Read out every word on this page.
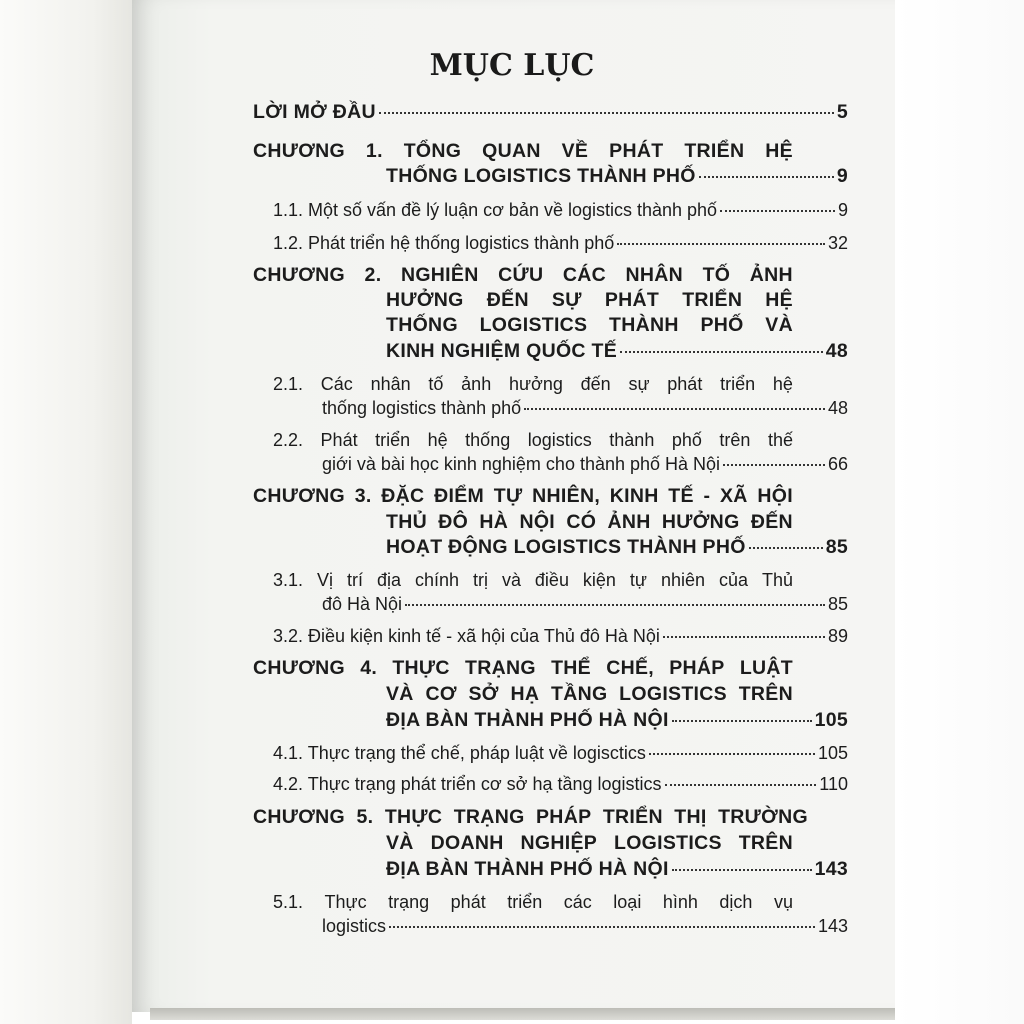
MỤC LỤC
LỜI MỞ ĐẦU	5
CHƯƠNG 1. TỔNG QUAN VỀ PHÁT TRIỂN HỆ
THỐNG LOGISTICS THÀNH PHỐ	9
1.1. Một số vấn đề lý luận cơ bản về logistics thành phố	9
1.2. Phát triển hệ thống logistics thành phố	32
CHƯƠNG 2. NGHIÊN CỨU CÁC NHÂN TỐ ẢNH
HƯỞNG ĐẾN SỰ PHÁT TRIỂN HỆ
THỐNG LOGISTICS THÀNH PHỐ VÀ
KINH NGHIỆM QUỐC TẾ	48
2.1. Các nhân tố ảnh hưởng đến sự phát triển hệ
thống logistics thành phố	48
2.2. Phát triển hệ thống logistics thành phố trên thế
giới và bài học kinh nghiệm cho thành phố Hà Nội	66
CHƯƠNG 3. ĐẶC ĐIỂM TỰ NHIÊN, KINH TẾ - XÃ HỘI
THỦ ĐÔ HÀ NỘI CÓ ẢNH HƯỞNG ĐẾN
HOẠT ĐỘNG LOGISTICS THÀNH PHỐ	85
3.1. Vị trí địa chính trị và điều kiện tự nhiên của Thủ
đô Hà Nội	85
3.2. Điều kiện kinh tế - xã hội của Thủ đô Hà Nội	89
CHƯƠNG 4. THỰC TRẠNG THỂ CHẾ, PHÁP LUẬT
VÀ CƠ SỞ HẠ TẦNG LOGISTICS TRÊN
ĐỊA BÀN THÀNH PHỐ HÀ NỘI	105
4.1. Thực trạng thể chế, pháp luật về logisctics	105
4.2. Thực trạng phát triển cơ sở hạ tầng logistics	110
CHƯƠNG 5. THỰC TRẠNG PHÁP TRIỂN THỊ TRƯỜNG
VÀ DOANH NGHIỆP LOGISTICS TRÊN
ĐỊA BÀN THÀNH PHỐ HÀ NỘI	143
5.1. Thực trạng phát triển các loại hình dịch vụ
logistics	143
